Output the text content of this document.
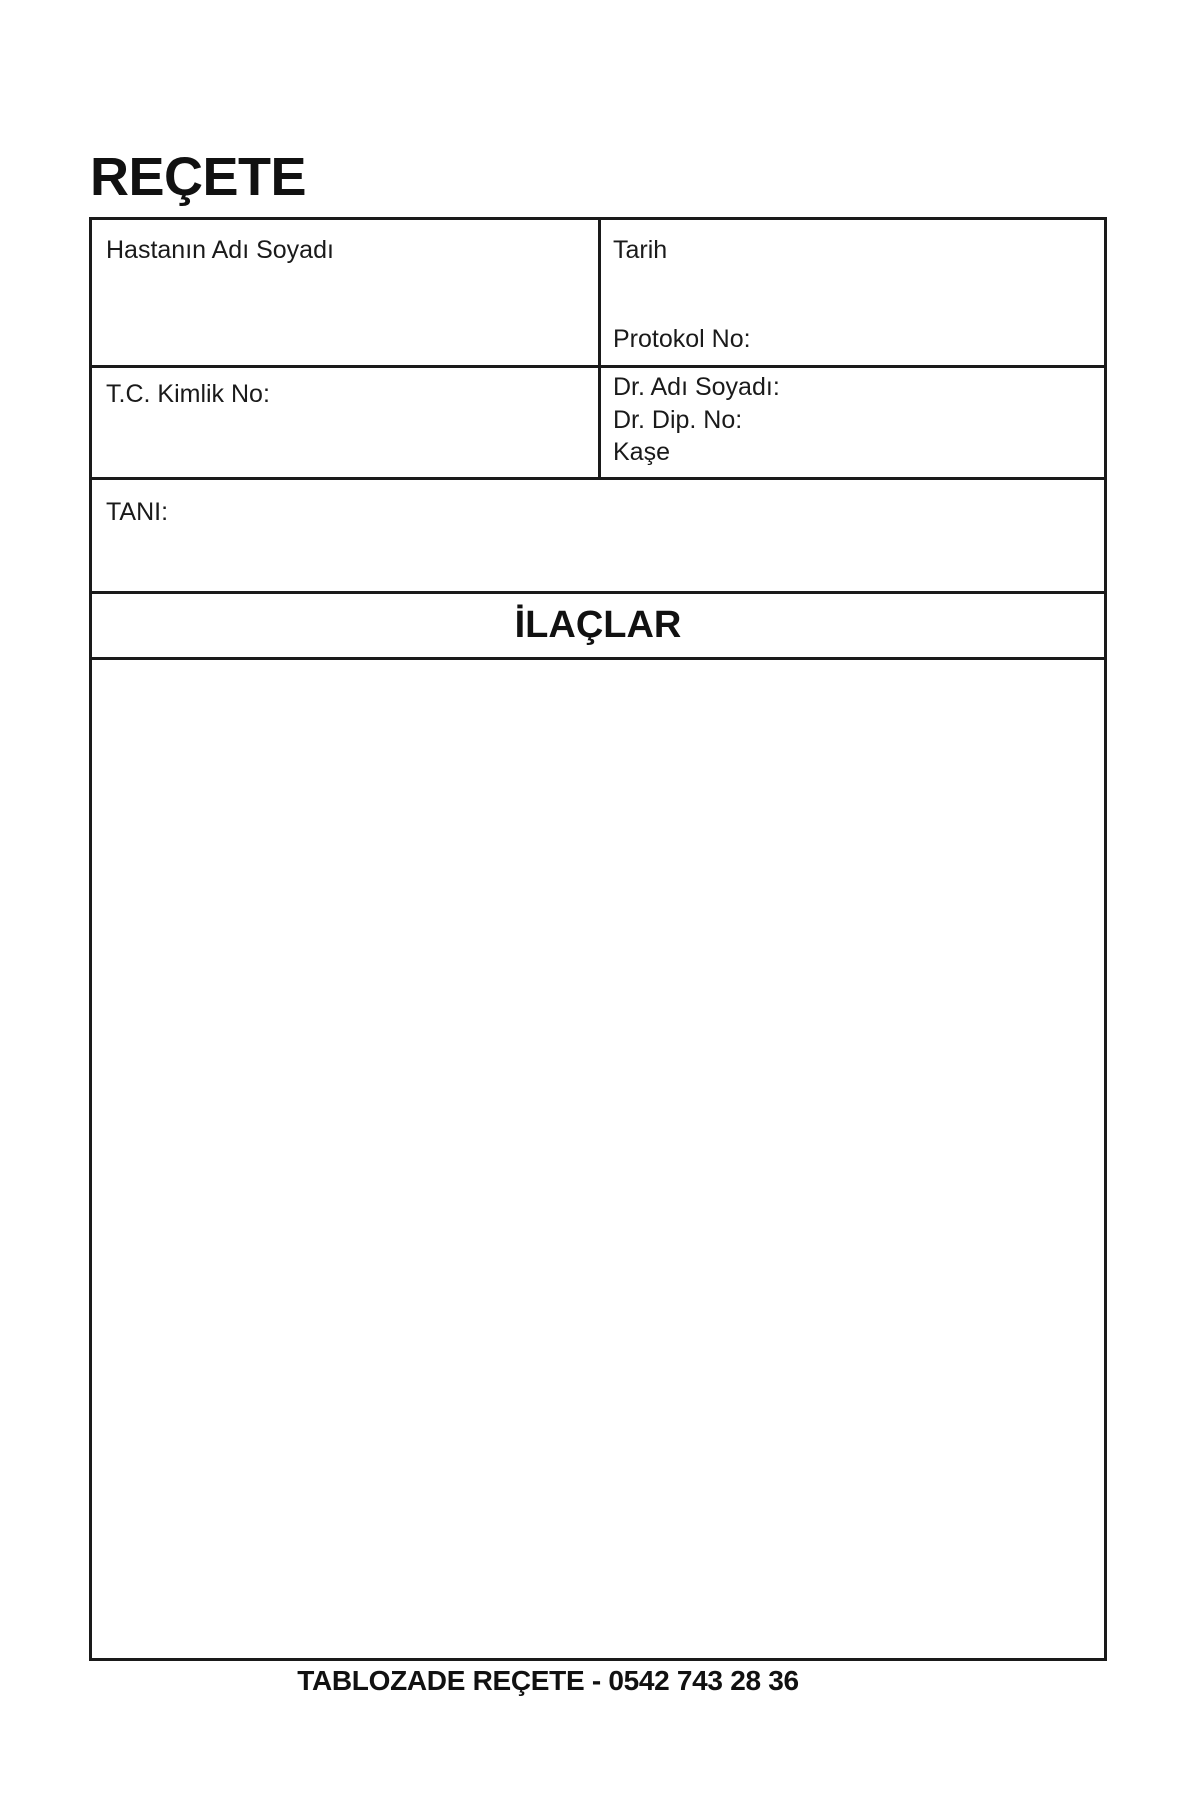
REÇETE
Hastanın Adı Soyadı	Tarih
Protokol No:
T.C. Kimlik No:	Dr. Adı Soyadı:
Dr. Dip. No:
Kaşe
TANI:
İLAÇLAR
TABLOZADE REÇETE - 0542 743 28 36
